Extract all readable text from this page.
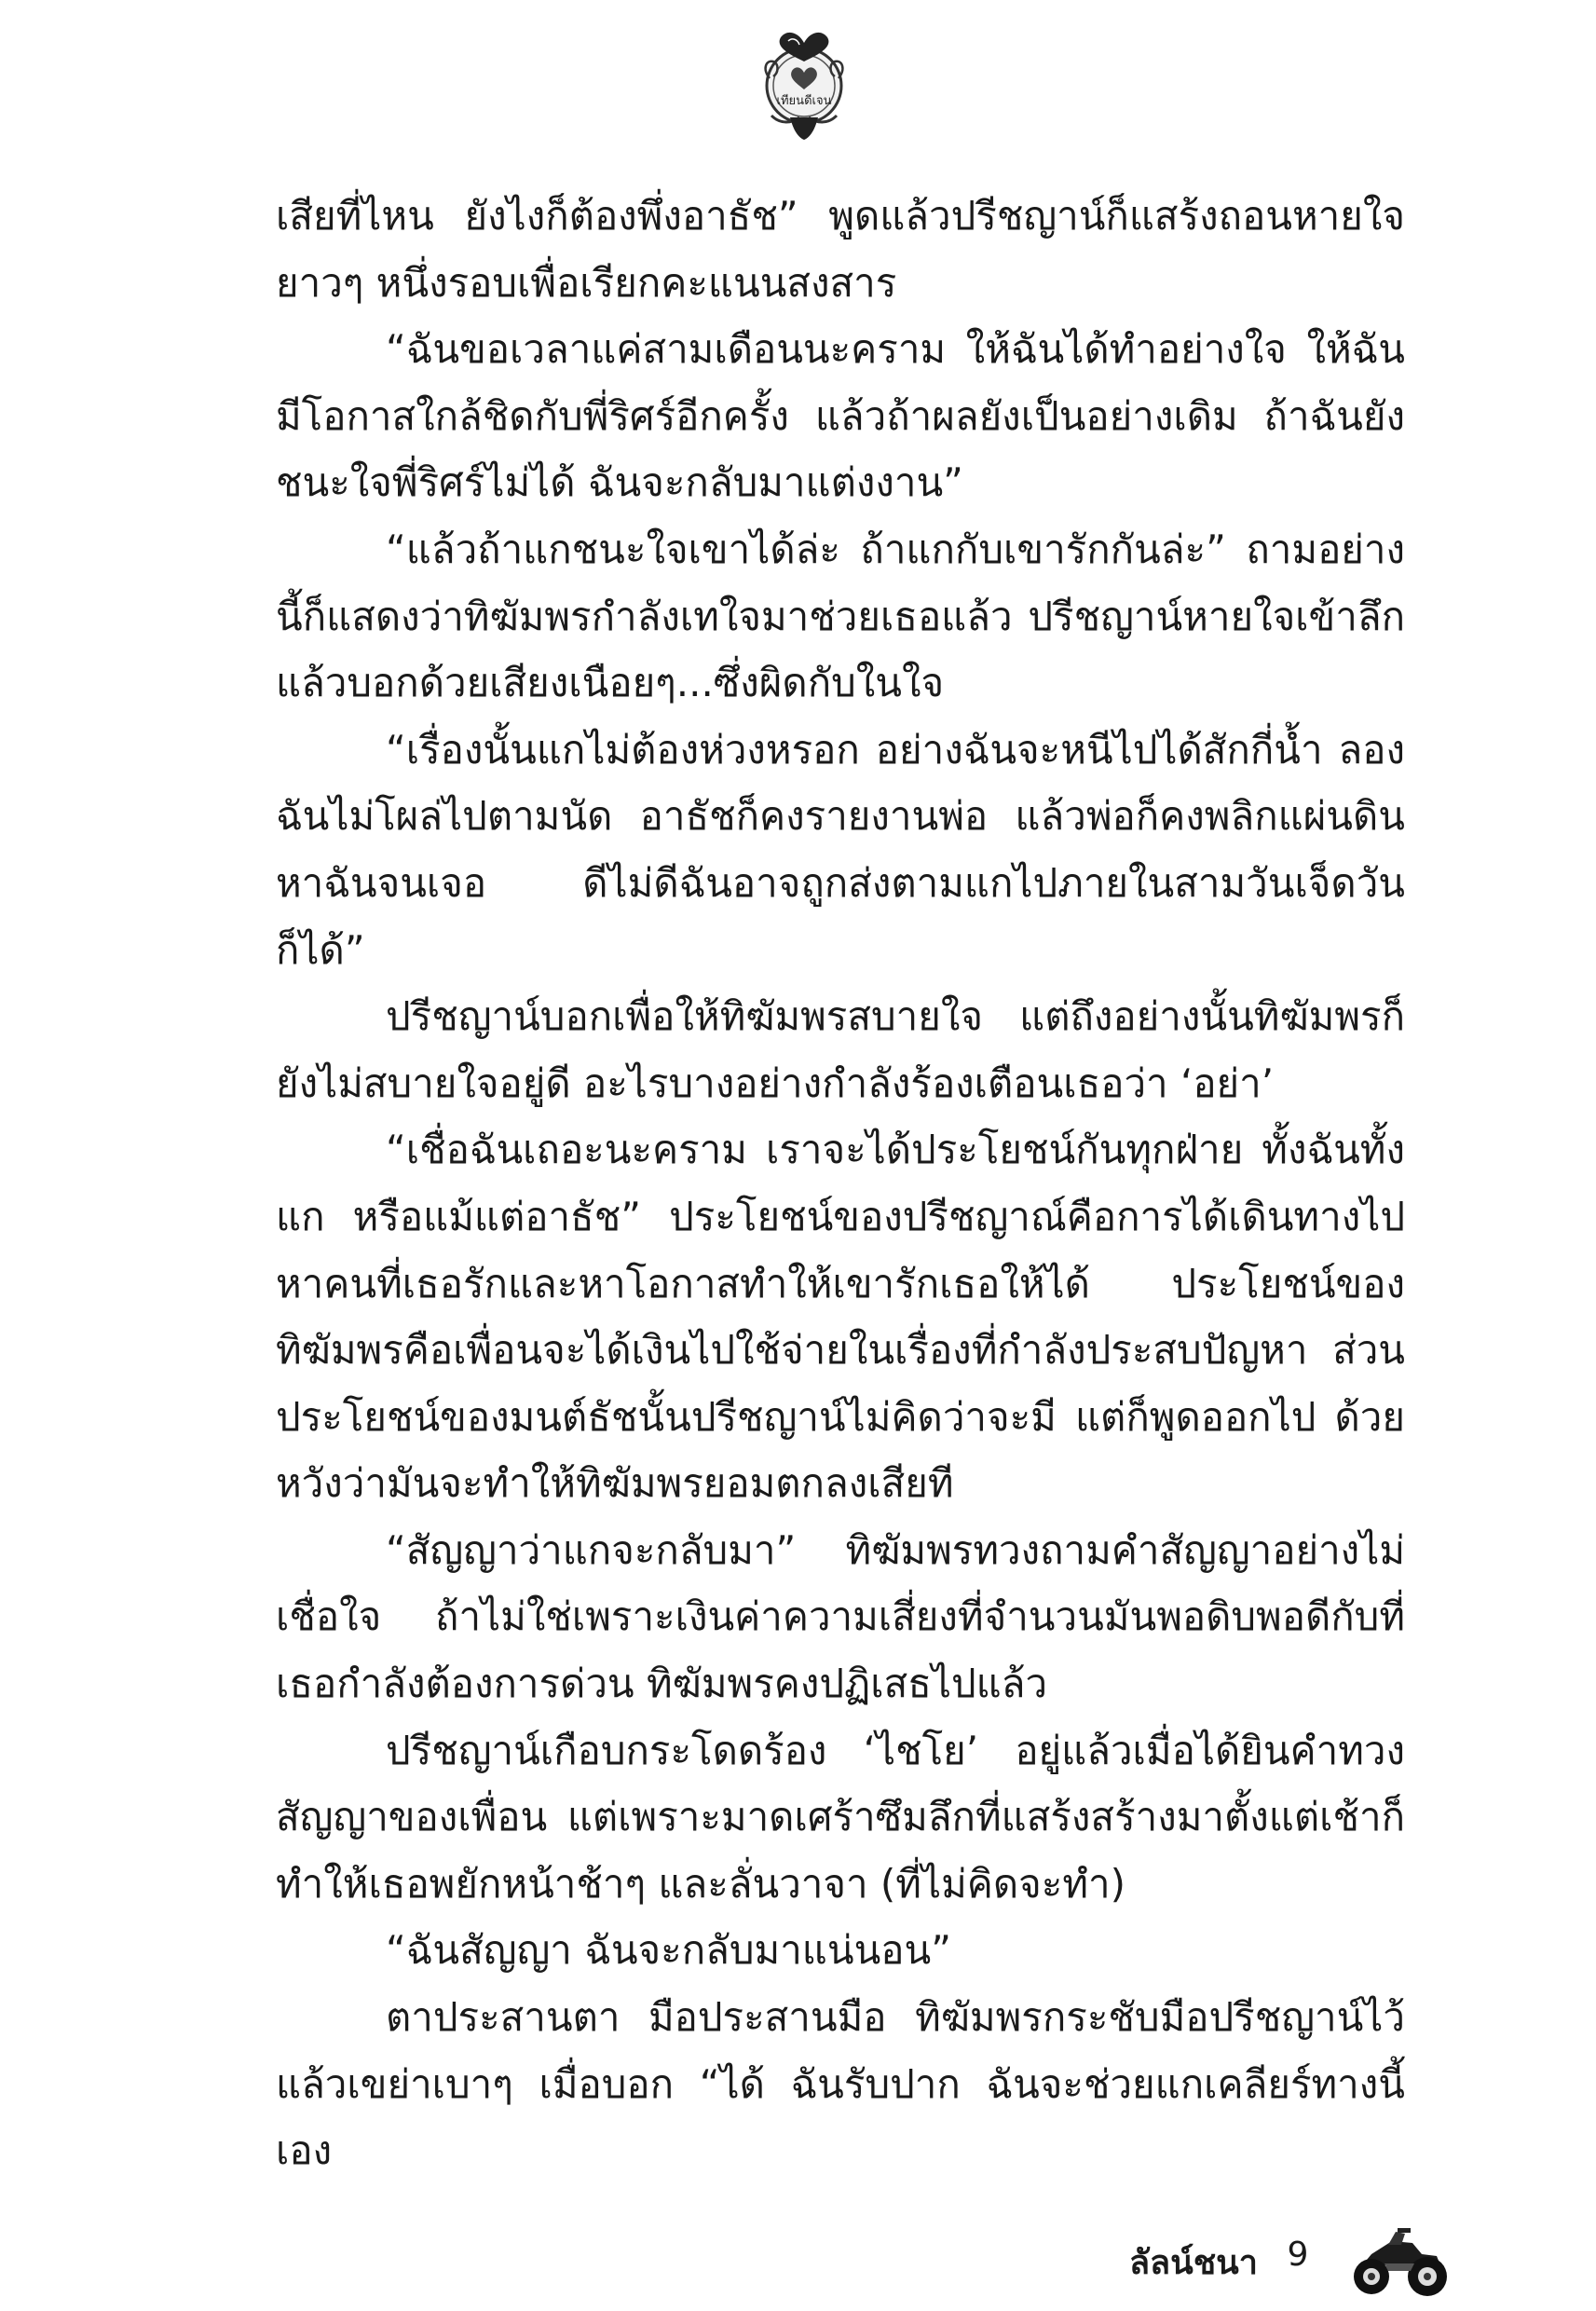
เทียนดีเจน

เสียที่ไหน ยังไงก็ต้องพึ่งอาธัช” พูดแล้วปรีชญาน์ก็แสร้งถอนหายใจยาวๆ หนึ่งรอบเพื่อเรียกคะแนนสงสาร

“ฉันขอเวลาแค่สามเดือนนะคราม ให้ฉันได้ทำอย่างใจ ให้ฉันมีโอกาสใกล้ชิดกับพี่ริศร์อีกครั้ง แล้วถ้าผลยังเป็นอย่างเดิม ถ้าฉันยังชนะใจพี่ริศร์ไม่ได้ ฉันจะกลับมาแต่งงาน”

“แล้วถ้าแกชนะใจเขาได้ล่ะ ถ้าแกกับเขารักกันล่ะ” ถามอย่างนี้ก็แสดงว่าทิฆัมพรกำลังเทใจมาช่วยเธอแล้ว ปรีชญาน์หายใจเข้าลึกแล้วบอกด้วยเสียงเนือยๆ...ซึ่งผิดกับในใจ

“เรื่องนั้นแกไม่ต้องห่วงหรอก อย่างฉันจะหนีไปได้สักกี่น้ำ ลองฉันไม่โผล่ไปตามนัด อาธัชก็คงรายงานพ่อ แล้วพ่อก็คงพลิกแผ่นดินหาฉันจนเจอ ดีไม่ดีฉันอาจถูกส่งตามแกไปภายในสามวันเจ็ดวันก็ได้”

ปรีชญาน์บอกเพื่อให้ทิฆัมพรสบายใจ แต่ถึงอย่างนั้นทิฆัมพรก็ยังไม่สบายใจอยู่ดี อะไรบางอย่างกำลังร้องเตือนเธอว่า ‘อย่า’

“เชื่อฉันเถอะนะคราม เราจะได้ประโยชน์กันทุกฝ่าย ทั้งฉันทั้งแก หรือแม้แต่อาธัช” ประโยชน์ของปรีชญาณ์คือการได้เดินทางไปหาคนที่เธอรักและหาโอกาสทำให้เขารักเธอให้ได้ ประโยชน์ของทิฆัมพรคือเพื่อนจะได้เงินไปใช้จ่ายในเรื่องที่กำลังประสบปัญหา ส่วนประโยชน์ของมนต์ธัชนั้นปรีชญาน์ไม่คิดว่าจะมี แต่ก็พูดออกไป ด้วยหวังว่ามันจะทำให้ทิฆัมพรยอมตกลงเสียที

“สัญญาว่าแกจะกลับมา” ทิฆัมพรทวงถามคำสัญญาอย่างไม่เชื่อใจ ถ้าไม่ใช่เพราะเงินค่าความเสี่ยงที่จำนวนมันพอดิบพอดีกับที่เธอกำลังต้องการด่วน ทิฆัมพรคงปฏิเสธไปแล้ว

ปรีชญาน์เกือบกระโดดร้อง ‘ไชโย’ อยู่แล้วเมื่อได้ยินคำทวงสัญญาของเพื่อน แต่เพราะมาดเศร้าซึมลึกที่แสร้งสร้างมาตั้งแต่เช้าก็ทำให้เธอพยักหน้าช้าๆ และลั่นวาจา (ที่ไม่คิดจะทำ)

“ฉันสัญญา ฉันจะกลับมาแน่นอน”

ตาประสานตา มือประสานมือ ทิฆัมพรกระชับมือปรีชญาน์ไว้แล้วเขย่าเบาๆ เมื่อบอก “ได้ ฉันรับปาก ฉันจะช่วยแกเคลียร์ทางนี้เอง

ลัลน์ชนา 9
